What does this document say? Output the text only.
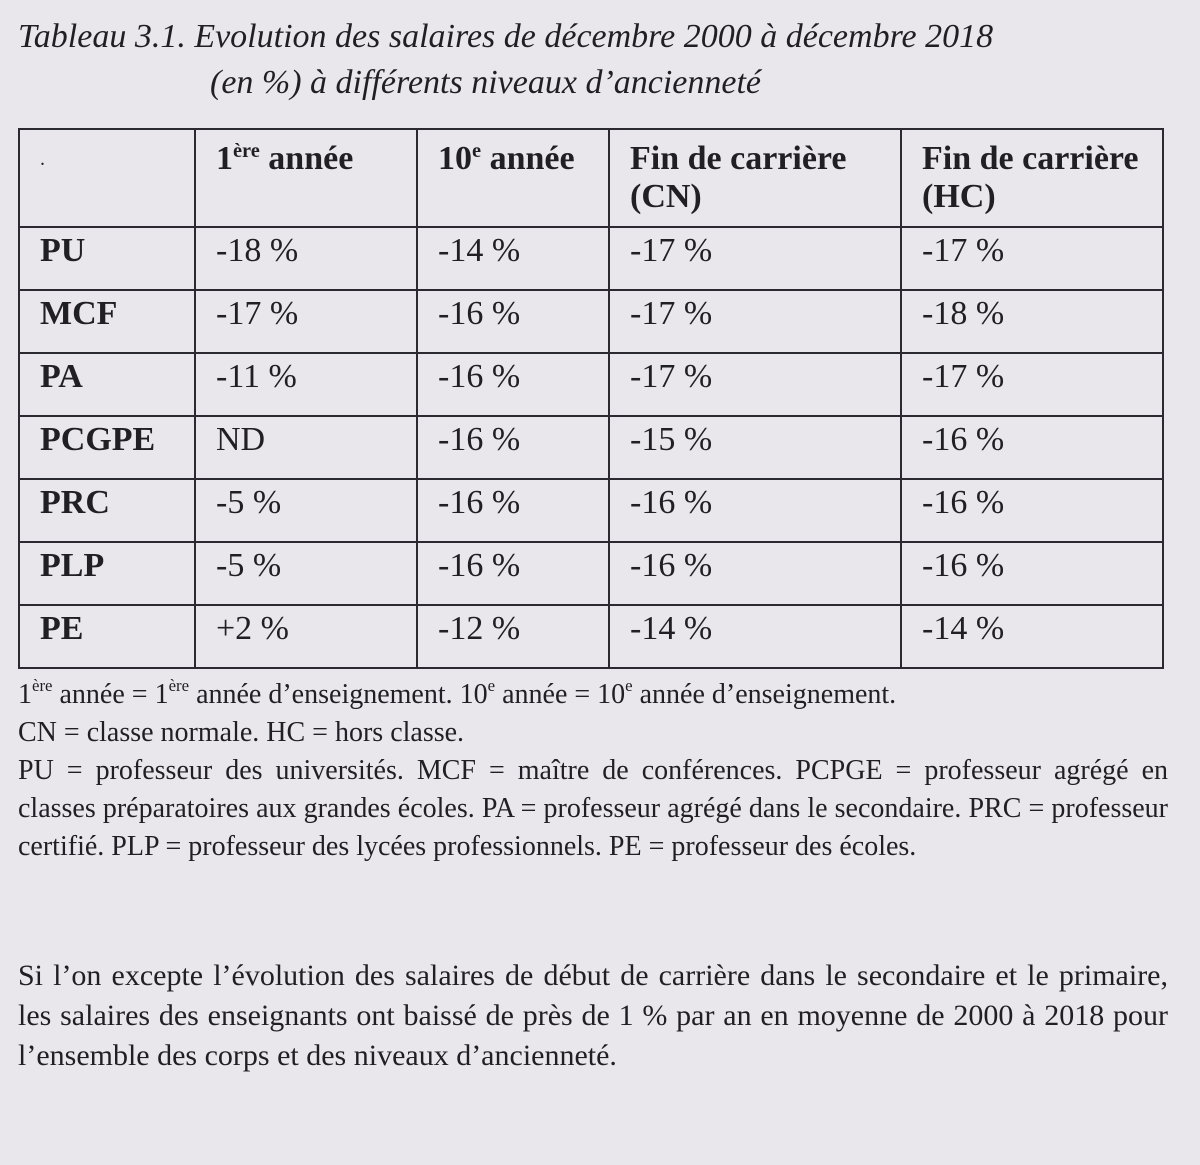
Tableau 3.1. Evolution des salaires de décembre 2000 à décembre 2018
(en %) à différents niveaux d’ancienneté
.	1ère année	10e année	Fin de carrière (CN)	Fin de carrière (HC)
PU	-18 %	-14 %	-17 %	-17 %
MCF	-17 %	-16 %	-17 %	-18 %
PA	-11 %	-16 %	-17 %	-17 %
PCGPE	ND	-16 %	-15 %	-16 %
PRC	-5 %	-16 %	-16 %	-16 %
PLP	-5 %	-16 %	-16 %	-16 %
PE	+2 %	-12 %	-14 %	-14 %

1ère année = 1ère année d’enseignement. 10e année = $10^e$ année d’enseignement.

CN = classe normale. HC = hors classe.

PU = professeur des universités. MCF = maître de conférences. PCPGE = professeur agrégé en classes préparatoires aux grandes écoles. PA = professeur agrégé dans le secondaire. PRC = professeur certifié. PLP = professeur des lycées professionnels. PE = professeur des écoles.

Si l’on excepte l’évolution des salaires de début de carrière dans le secondaire et le primaire, les salaires des enseignants ont baissé de près de 1 % par an en moyenne de 2000 à 2018 pour l’ensemble des corps et des niveaux d’ancienneté.
